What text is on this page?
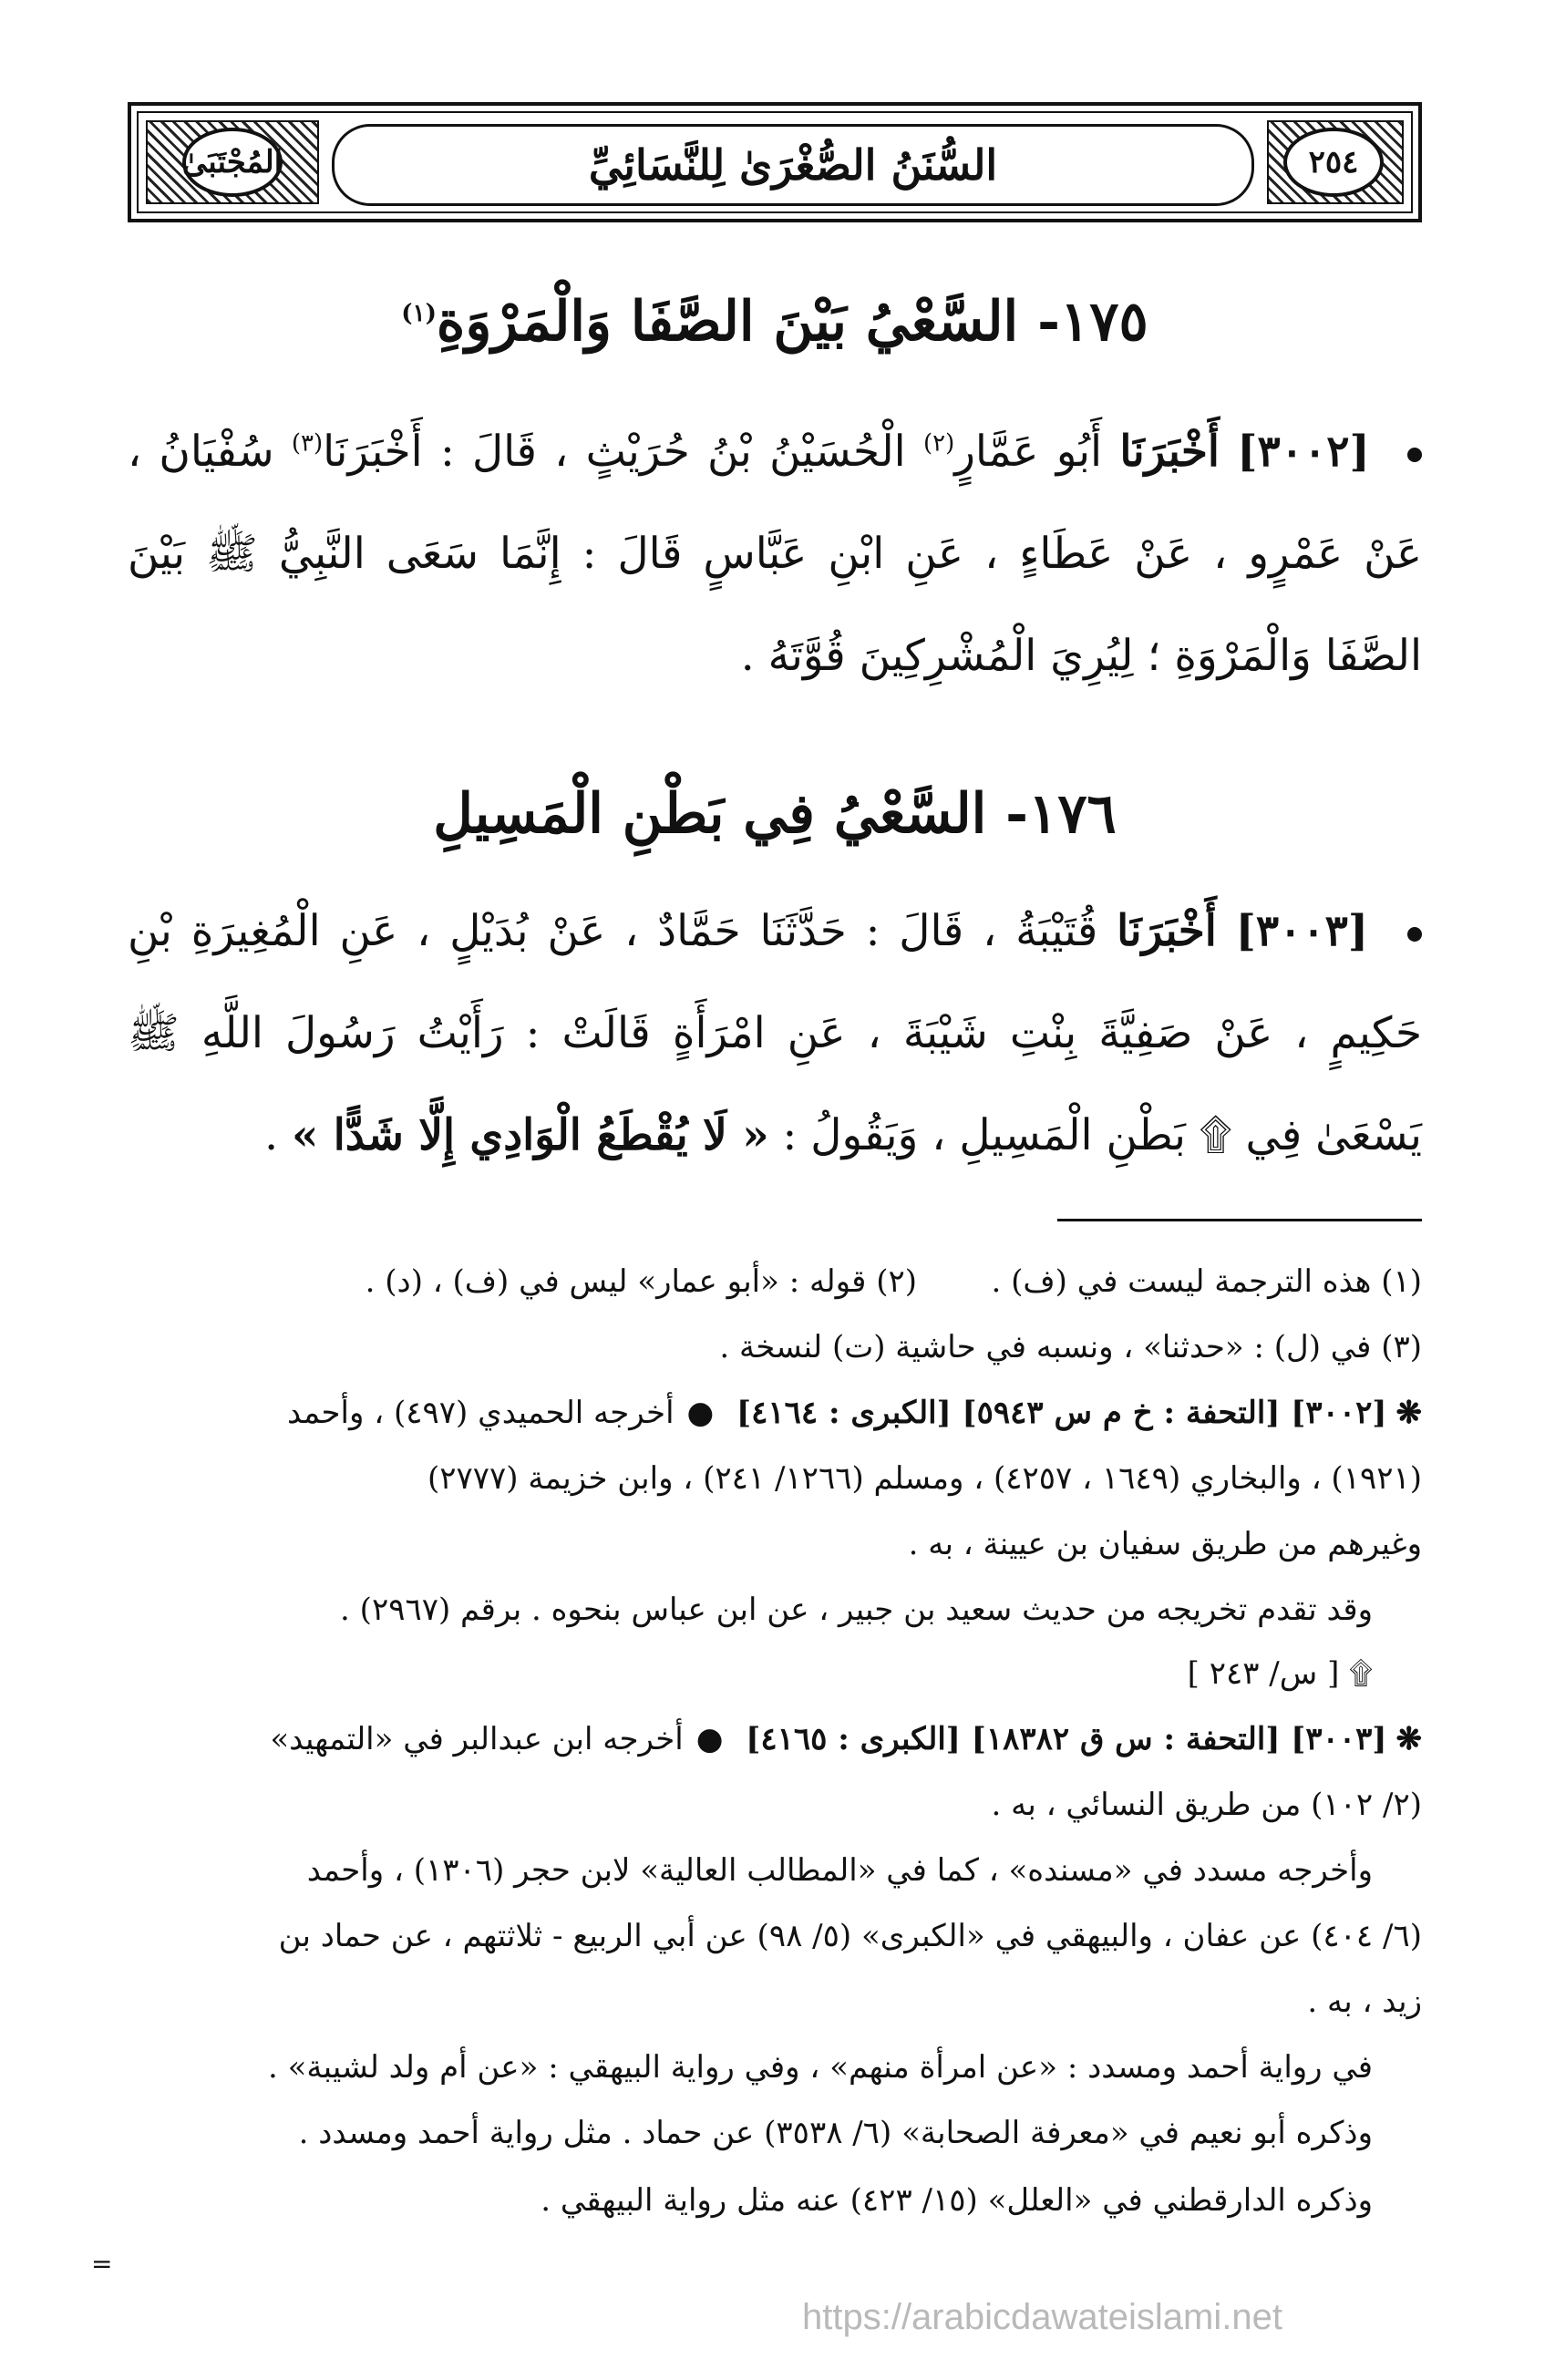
المُجْتَبَىٰ	٢٥٤
السُّنَنُ الصُّغْرَىٰ لِلنَّسَائِيِّ
١٧٥- السَّعْيُ بَيْنَ الصَّفَا وَالْمَرْوَةِ$^{(١)}$
[٣٠٠٢] أَخْبَرَنَا أَبُو عَمَّارٍ$^{(٢)}$ الْحُسَيْنُ بْنُ حُرَيْثٍ ، قَالَ : أَخْبَرَنَا$^{(٣)}$ سُفْيَانُ ، عَنْ عَمْرٍو ، عَنْ عَطَاءٍ ، عَنِ ابْنِ عَبَّاسٍ قَالَ : إِنَّمَا سَعَى النَّبِيُّ ﷺ بَيْنَ الصَّفَا وَالْمَرْوَةِ ؛ لِيُرِيَ الْمُشْرِكِينَ قُوَّتَهُ .
١٧٦- السَّعْيُ فِي بَطْنِ الْمَسِيلِ
[٣٠٠٣] أَخْبَرَنَا قُتَيْبَةُ ، قَالَ : حَدَّثَنَا حَمَّادٌ ، عَنْ بُدَيْلٍ ، عَنِ الْمُغِيرَةِ بْنِ حَكِيمٍ ، عَنْ صَفِيَّةَ بِنْتِ شَيْبَةَ ، عَنِ امْرَأَةٍ قَالَتْ : رَأَيْتُ رَسُولَ اللَّهِ ﷺ يَسْعَىٰ فِي ۩ بَطْنِ الْمَسِيلِ ، وَيَقُولُ : « لَا يُقْطَعُ الْوَادِي إِلَّا شَدًّا » .
(١) هذه الترجمة ليست في (ف) .
(٢) قوله : «أبو عمار» ليس في (ف) ، (د) .
(٣) في (ل) : «حدثنا» ، ونسبه في حاشية (ت) لنسخة .
❋[٣٠٠٢] [التحفة : خ م س ٥٩٤٣] [الكبرى : ٤١٦٤] ●أخرجه الحميدي (٤٩٧) ، وأحمد
(١٩٢١) ، والبخاري (١٦٤٩ ، ٤٢٥٧) ، ومسلم (١٢٦٦/ ٢٤١) ، وابن خزيمة (٢٧٧٧)
وغيرهم من طريق سفيان بن عيينة ، به .
وقد تقدم تخريجه من حديث سعيد بن جبير ، عن ابن عباس بنحوه . برقم (٢٩٦٧) .
۩ [ س/ ٢٤٣ ]
❋[٣٠٠٣] [التحفة : س ق ١٨٣٨٢] [الكبرى : ٤١٦٥] ●أخرجه ابن عبدالبر في «التمهيد»
(٢/ ١٠٢) من طريق النسائي ، به .
وأخرجه مسدد في «مسنده» ، كما في «المطالب العالية» لابن حجر (١٣٠٦) ، وأحمد
(٦/ ٤٠٤) عن عفان ، والبيهقي في «الكبرى» (٥/ ٩٨) عن أبي الربيع - ثلاثتهم ، عن حماد بن
زيد ، به .
في رواية أحمد ومسدد : «عن امرأة منهم» ، وفي رواية البيهقي : «عن أم ولد لشيبة» .
وذكره أبو نعيم في «معرفة الصحابة» (٦/ ٣٥٣٨) عن حماد . مثل رواية أحمد ومسدد .
وذكره الدارقطني في «العلل» (١٥/ ٤٢٣) عنه مثل رواية البيهقي .
=
https://arabicdawateislami.net
